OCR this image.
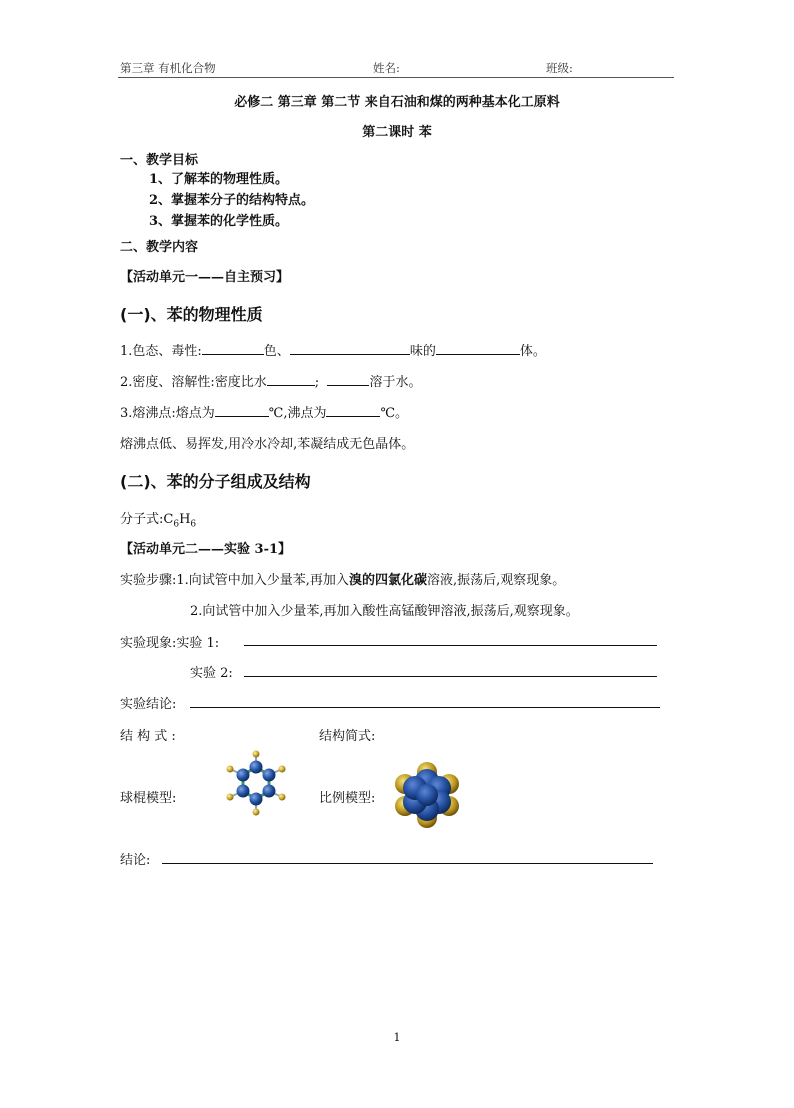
第三章 有机化合物	姓名:	班级:
必修二 第三章 第二节 来自石油和煤的两种基本化工原料
第二课时 苯
一、教学目标
1、了解苯的物理性质。
2、掌握苯分子的结构特点。
3、掌握苯的化学性质。
二、教学内容
【活动单元一——自主预习】
(一)、苯的物理性质
1.色态、毒性:	色、	味的	体。
2.密度、溶解性:密度比水	;	溶于水。
3.熔沸点:熔点为	℃,沸点为	℃。
熔沸点低、易挥发,用冷水冷却,苯凝结成无色晶体。
(二)、苯的分子组成及结构
分子式$:C_6H_6$
【活动单元二——实验 3-1】
实验步骤:1.向试管中加入少量苯,再加入溴的四氯化碳溶液,振荡后,观察现象。
2.向试管中加入少量苯,再加入酸性高锰酸钾溶液,振荡后,观察现象。
实验现象:实验 1:
实验 2:
实验结论:
结 构 式 :	结构简式:
球棍模型:	比例模型:
结论:
1
